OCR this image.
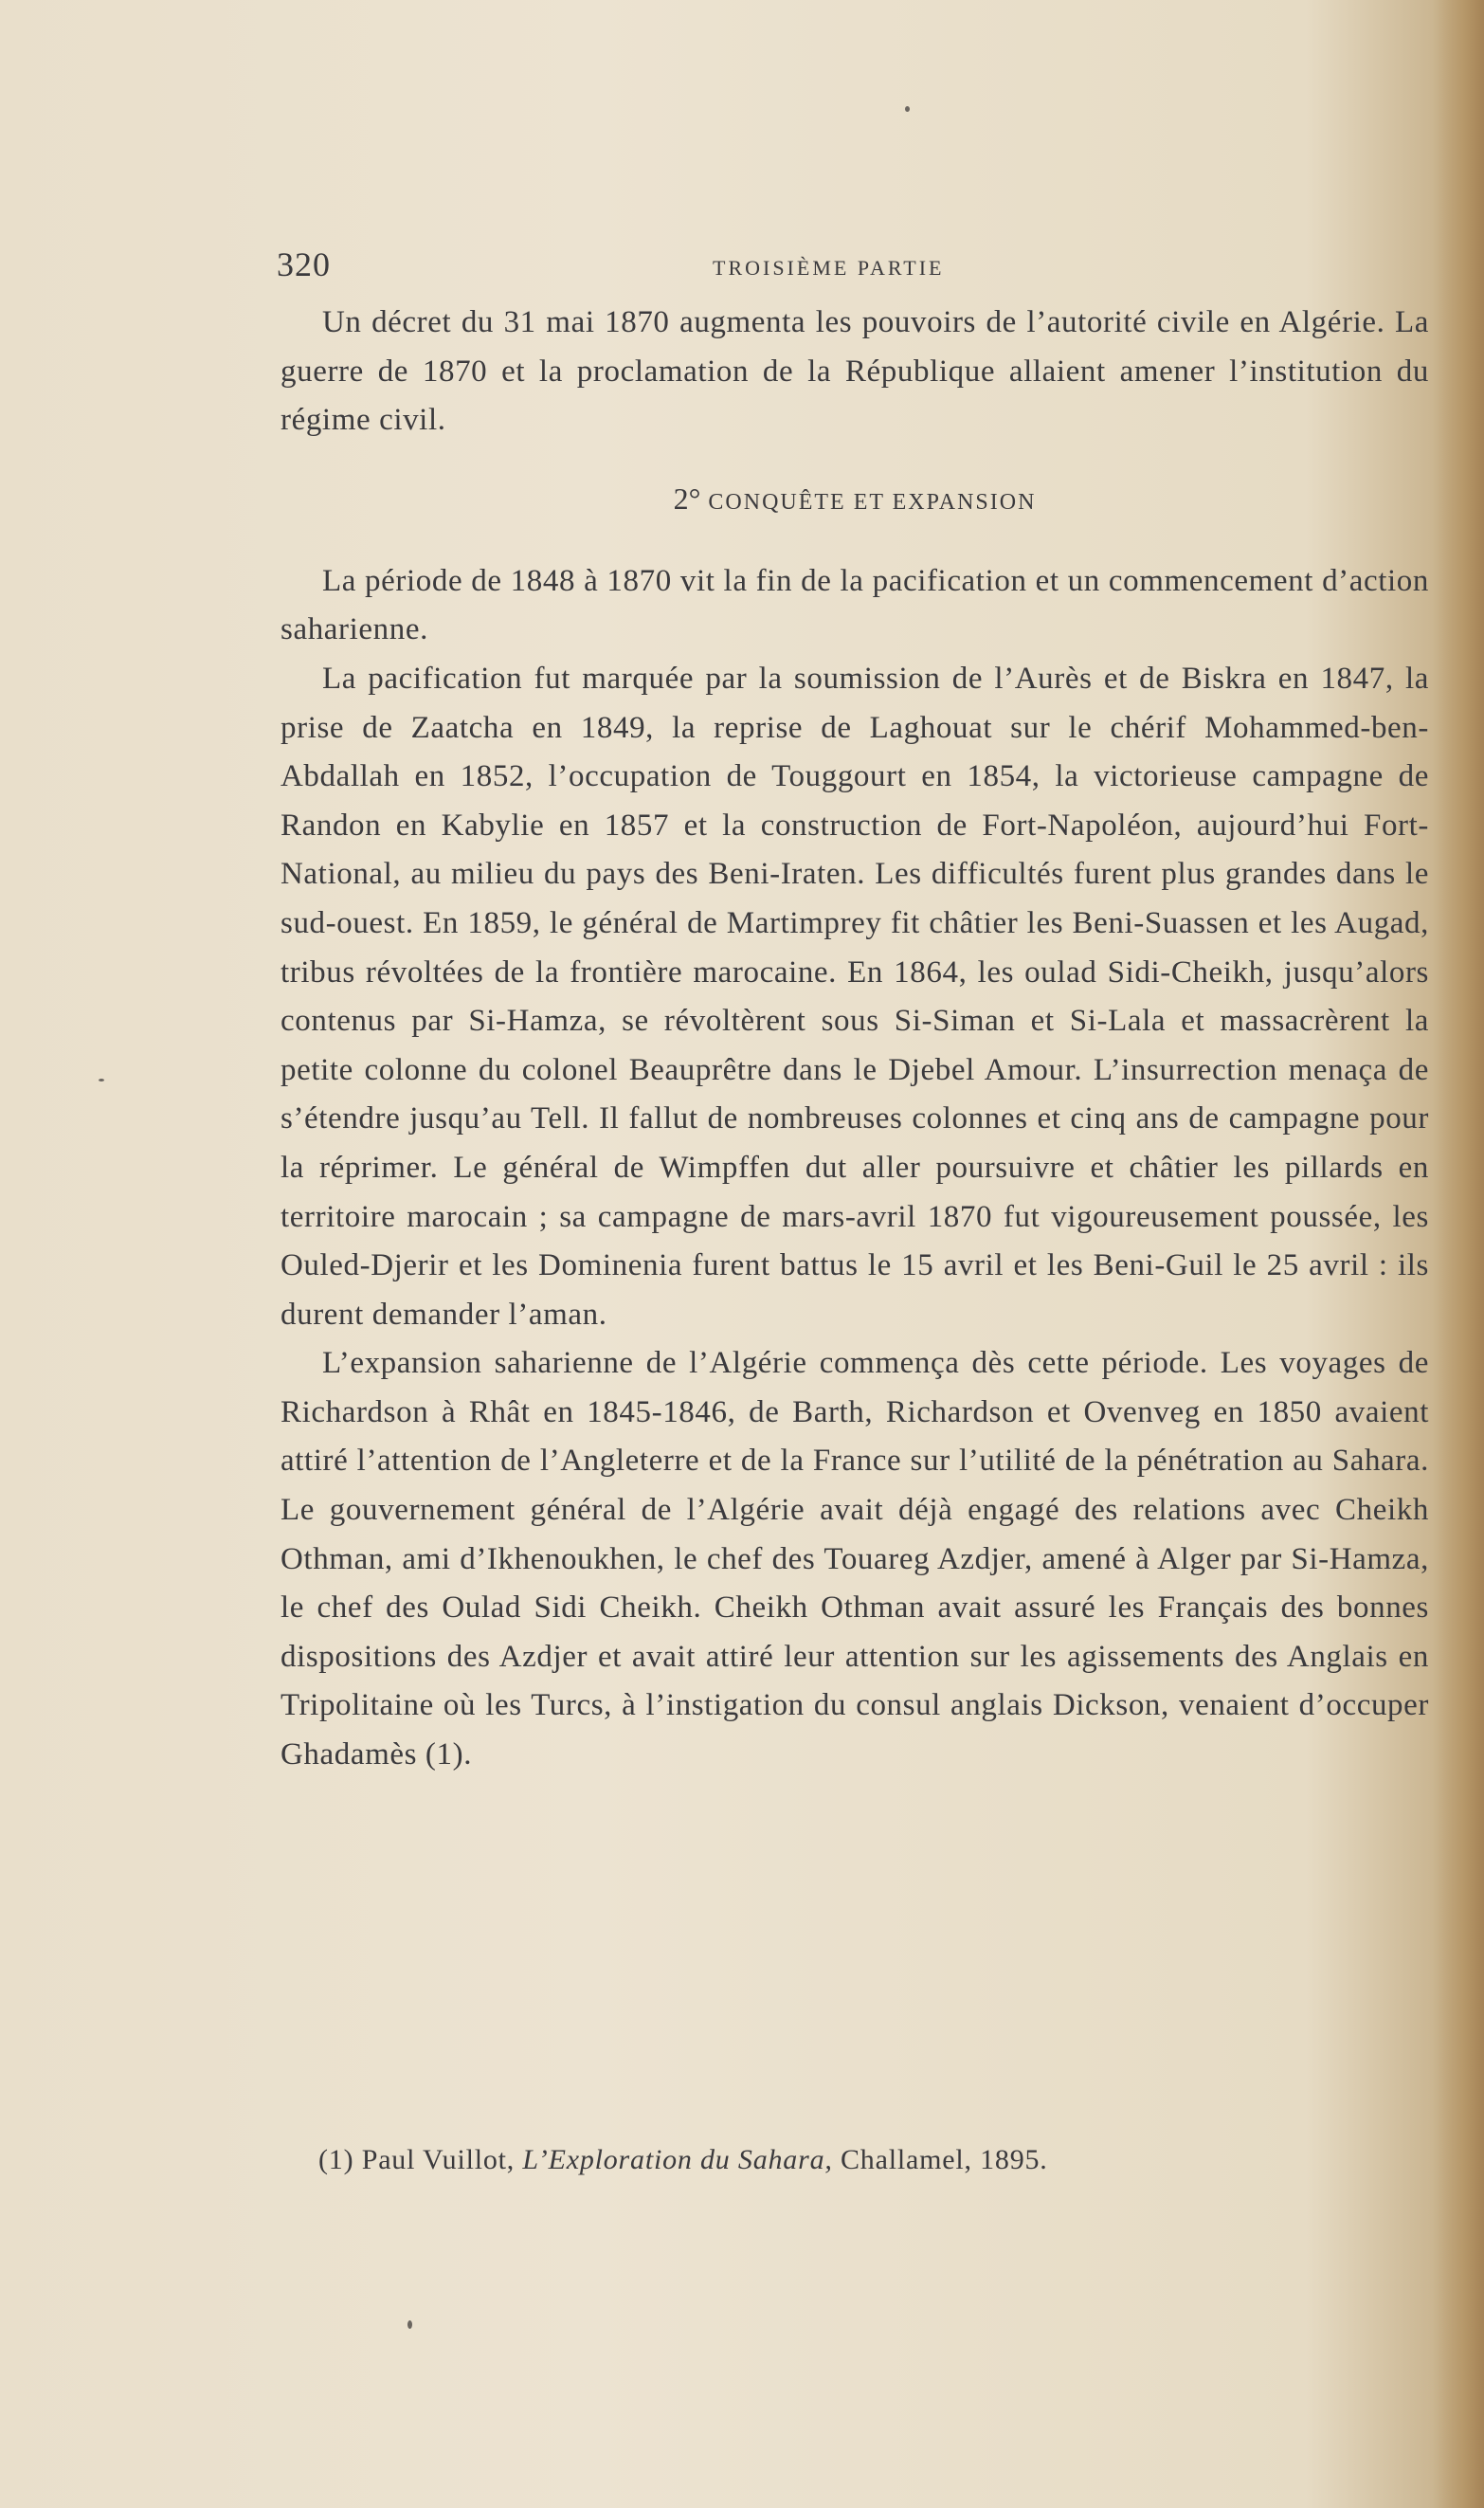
320	TROISIÈME PARTIE

Un décret du 31 mai 1870 augmenta les pouvoirs de l’autorité civile en Algérie. La guerre de 1870 et la proclamation de la République allaient amener l’institution du régime civil.

2° CONQUÊTE ET EXPANSION

La période de 1848 à 1870 vit la fin de la pacification et un commencement d’action saharienne.

La pacification fut marquée par la soumission de l’Aurès et de Biskra en 1847, la prise de Zaatcha en 1849, la reprise de Laghouat sur le chérif Mohammed-ben-Abdallah en 1852, l’occupation de Touggourt en 1854, la victorieuse campagne de Randon en Kabylie en 1857 et la construction de Fort-Napoléon, aujourd’hui Fort-National, au milieu du pays des Beni-Iraten. Les difficultés furent plus grandes dans le sud-ouest. En 1859, le général de Martimprey fit châtier les Beni-Suassen et les Augad, tribus révoltées de la frontière marocaine. En 1864, les oulad Sidi-Cheikh, jusqu’alors contenus par Si-Hamza, se révoltèrent sous Si-Siman et Si-Lala et massacrèrent la petite colonne du colonel Beauprêtre dans le Djebel Amour. L’insurrection menaça de s’étendre jusqu’au Tell. Il fallut de nombreuses colonnes et cinq ans de campagne pour la réprimer. Le général de Wimpffen dut aller poursuivre et châtier les pillards en territoire marocain ; sa campagne de mars-avril 1870 fut vigoureusement poussée, les Ouled-Djerir et les Dominenia furent battus le 15 avril et les Beni-Guil le 25 avril : ils durent demander l’aman.

L’expansion saharienne de l’Algérie commença dès cette période. Les voyages de Richardson à Rhât en 1845-1846, de Barth, Richardson et Ovenveg en 1850 avaient attiré l’attention de l’Angleterre et de la France sur l’utilité de la pénétration au Sahara. Le gouvernement général de l’Algérie avait déjà engagé des relations avec Cheikh Othman, ami d’Ikhenoukhen, le chef des Touareg Azdjer, amené à Alger par Si-Hamza, le chef des Oulad Sidi Cheikh. Cheikh Othman avait assuré les Français des bonnes dispositions des Azdjer et avait attiré leur attention sur les agissements des Anglais en Tripolitaine où les Turcs, à l’instigation du consul anglais Dickson, venaient d’occuper Ghadamès (1).

(1) Paul Vuillot, L’Exploration du Sahara, Challamel, 1895.
